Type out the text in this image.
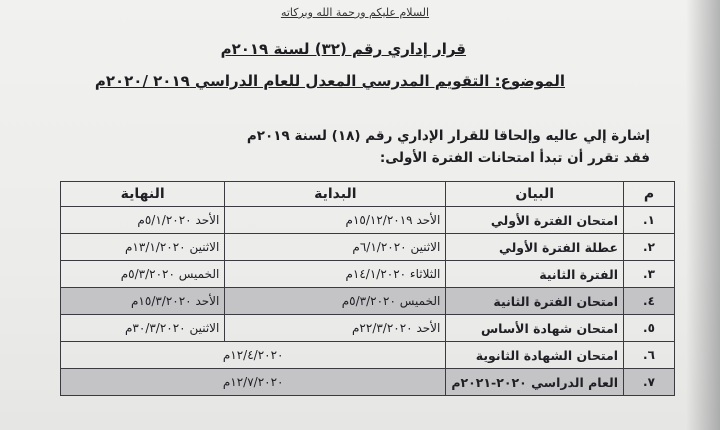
السلام عليكم ورحمة الله وبركاته
قرار إداري رقم (٣٢) لسنة ٢٠١٩م
الموضوع: التقويم المدرسي المعدل للعام الدراسي ٢٠١٩ /٢٠٢٠م
إشارة إلي عاليه وإلحاقا للقرار الإداري رقم (١٨) لسنة ٢٠١٩م
فقد تقرر أن تبدأ امتحانات الفترة الأولى:
م	البيان	البداية	النهاية
١.	امتحان الفترة الأولي	الأحد ١٥/١٢/٢٠١٩م	الأحد ٥/١/٢٠٢٠م
٢.	عطلة الفترة الأولي	الاثنين ٦/١/٢٠٢٠م	الاثنين ١٣/١/٢٠٢٠م
٣.	الفترة الثانية	الثلاثاء ١٤/١/٢٠٢٠م	الخميس ٥/٣/٢٠٢٠م
٤.	امتحان الفترة الثانية	الخميس ٥/٣/٢٠٢٠م	الأحد ١٥/٣/٢٠٢٠م
٥.	امتحان شهادة الأساس	الأحد ٢٢/٣/٢٠٢٠م	الاثنين ٣٠/٣/٢٠٢٠م
٦.	امتحان الشهادة الثانوية	١٢/٤/٢٠٢٠م	
٧.	العام الدراسي ٢٠٢٠-٢٠٢١م	١٢/٧/٢٠٢٠م	
